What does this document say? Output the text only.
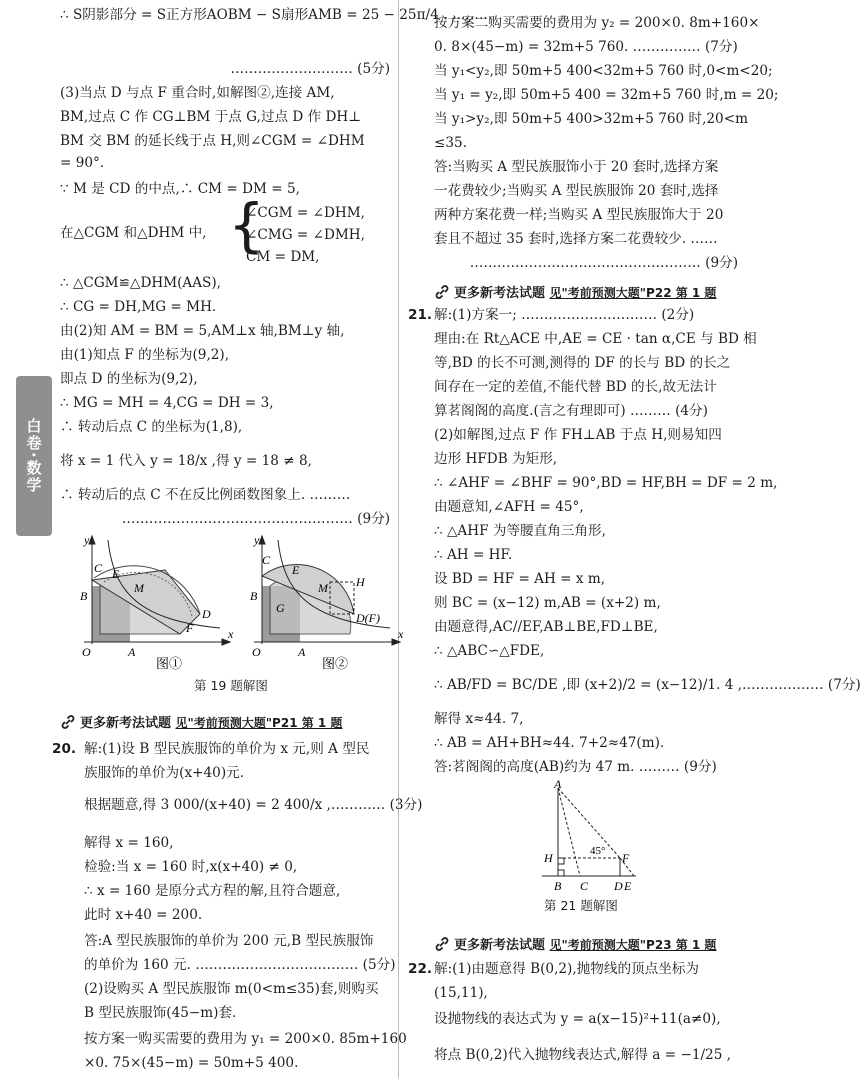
白卷·数学
∴ S阴影部分 = S正方形AOBM − S扇形AMB = 25 − 25π/4 . ………
……………………… (5分)
(3)当点 D 与点 F 重合时,如解图②,连接 AM,
BM,过点 C 作 CG⊥BM 于点 G,过点 D 作 DH⊥
BM 交 BM 的延长线于点 H,则∠CGM = ∠DHM
= 90°.
∵ M 是 CD 的中点,∴ CM = DM = 5,
在△CGM 和△DHM 中, {
∠CGM = ∠DHM,
∠CMG = ∠DMH,
CM = DM,
∴ △CGM≌△DHM(AAS),
∴ CG = DH,MG = MH.
由(2)知 AM = BM = 5,AM⊥x 轴,BM⊥y 轴,
由(1)知点 F 的坐标为(9,2),
即点 D 的坐标为(9,2),
∴ MG = MH = 4,CG = DH = 3,
∴ 转动后点 C 的坐标为(1,8),
将 x = 1 代入 y = 18/x ,得 y = 18 ≠ 8,
∴ 转动后的点 C 不在反比例函数图象上. ………
…………………………………………… (9分)
y
x
O	A
B
C E
M
D
F
图①
y
x
O	A
B
C
E
M H
G
D(F)
图②
第 19 题解图
更多新考法试题 见"考前预测大题"P21 第 1 题
20. 解:(1)设 B 型民族服饰的单价为 x 元,则 A 型民
族服饰的单价为(x+40)元.
根据题意,得 3 000/(x+40) = 2 400/x ,………… (3分)
解得 x = 160,
检验:当 x = 160 时,x(x+40) ≠ 0,
∴ x = 160 是原分式方程的解,且符合题意,
此时 x+40 = 200.
答:A 型民族服饰的单价为 200 元,B 型民族服饰
的单价为 160 元. ……………………………… (5分)
(2)设购买 A 型民族服饰 m(0<m≤35)套,则购买
B 型民族服饰(45−m)套.
按方案一购买需要的费用为 y₁ = 200×0. 85m+160
×0. 75×(45−m) = 50m+5 400.
按方案二购买需要的费用为 y₂ = 200×0. 8m+160×
0. 8×(45−m) = 32m+5 760. …………… (7分)
当 y₁<y₂,即 50m+5 400<32m+5 760 时,0<m<20;
当 y₁ = y₂,即 50m+5 400 = 32m+5 760 时,m = 20;
当 y₁>y₂,即 50m+5 400>32m+5 760 时,20<m
≤35.
答:当购买 A 型民族服饰小于 20 套时,选择方案
一花费较少;当购买 A 型民族服饰 20 套时,选择
两种方案花费一样;当购买 A 型民族服饰大于 20
套且不超过 35 套时,选择方案二花费较少. ……
…………………………………………… (9分)
更多新考法试题 见"考前预测大题"P22 第 1 题
21. 解:(1)方案一; ………………………… (2分)
理由:在 Rt△ACE 中,AE = CE · tan α,CE 与 BD 相
等,BD 的长不可测,测得的 DF 的长与 BD 的长之
间存在一定的差值,不能代替 BD 的长,故无法计
算茗阁阁的高度.(言之有理即可) ……… (4分)
(2)如解图,过点 F 作 FH⊥AB 于点 H,则易知四
边形 HFDB 为矩形,
∴ ∠AHF = ∠BHF = 90°,BD = HF,BH = DF = 2 m,
由题意知,∠AFH = 45°,
∴ △AHF 为等腰直角三角形,
∴ AH = HF.
设 BD = HF = AH = x m,
则 BC = (x−12) m,AB = (x+2) m,
由题意得,AC//EF,AB⊥BE,FD⊥BE,
∴ △ABC∽△FDE,
∴ AB/FD = BC/DE ,即 (x+2)/2 = (x−12)/1. 4 ,……………… (7分)
解得 x≈44. 7,
∴ AB = AH+BH≈44. 7+2≈47(m).
答:茗阁阁的高度(AB)约为 47 m. ……… (9分)
A
H	45° F
B C D E
第 21 题解图
更多新考法试题 见"考前预测大题"P23 第 1 题
22. 解:(1)由题意得 B(0,2),抛物线的顶点坐标为
(15,11),
设抛物线的表达式为 y = a(x−15)²+11(a≠0),
将点 B(0,2)代入抛物线表达式,解得 a = −1/25 ,
